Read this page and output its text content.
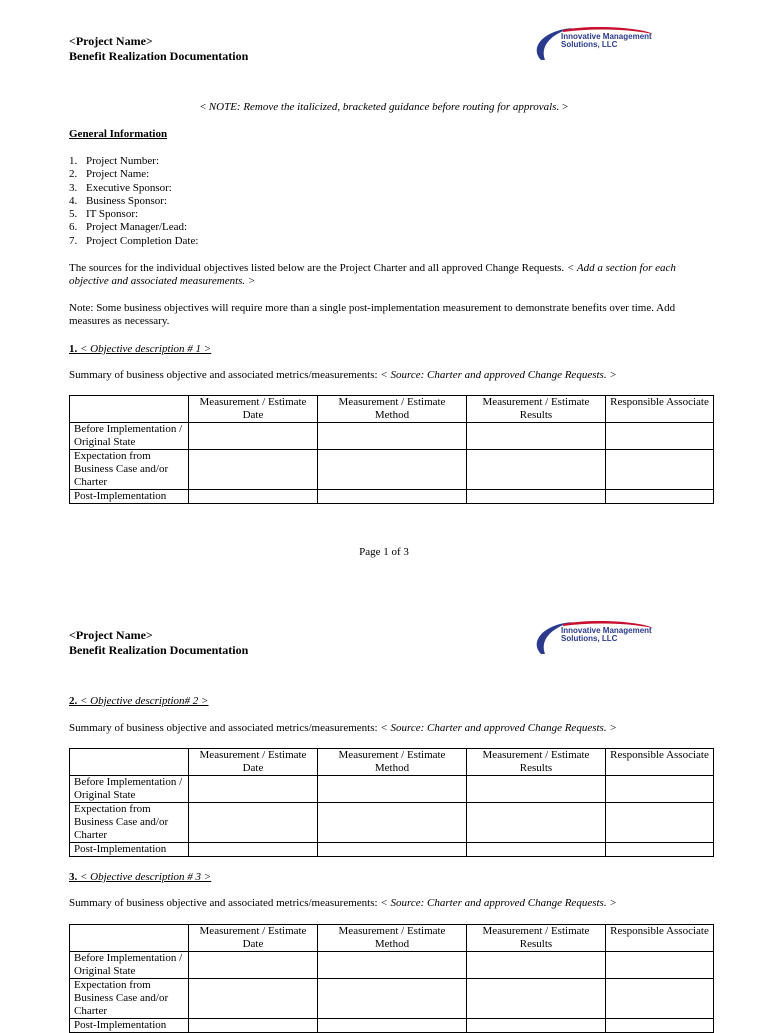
<Project Name>
Benefit Realization Documentation
Innovative Management
Solutions, LLC
< NOTE: Remove the italicized, bracketed guidance before routing for approvals. >
General Information
1. Project Number:
2. Project Name:
3. Executive Sponsor:
4. Business Sponsor:
5. IT Sponsor:
6. Project Manager/Lead:
7. Project Completion Date:
The sources for the individual objectives listed below are the Project Charter and all approved Change Requests. < Add a section for each objective and associated measurements. >
Note: Some business objectives will require more than a single post-implementation measurement to demonstrate benefits over time. Add measures as necessary.
1. < Objective description # 1 >
Summary of business objective and associated metrics/measurements: < Source: Charter and approved Change Requests. >
	Measurement / Estimate Date	Measurement / Estimate Method	Measurement / Estimate Results	Responsible Associate
Before Implementation / Original State				
Expectation from Business Case and/or Charter				
Post-Implementation				
Page 1 of 3
<Project Name>
Benefit Realization Documentation
Innovative Management
Solutions, LLC
2. < Objective description# 2 >
Summary of business objective and associated metrics/measurements: < Source: Charter and approved Change Requests. >
	Measurement / Estimate Date	Measurement / Estimate Method	Measurement / Estimate Results	Responsible Associate
Before Implementation / Original State				
Expectation from Business Case and/or Charter				
Post-Implementation				
3. < Objective description # 3 >
Summary of business objective and associated metrics/measurements: < Source: Charter and approved Change Requests. >
	Measurement / Estimate Date	Measurement / Estimate Method	Measurement / Estimate Results	Responsible Associate
Before Implementation / Original State				
Expectation from Business Case and/or Charter				
Post-Implementation				
